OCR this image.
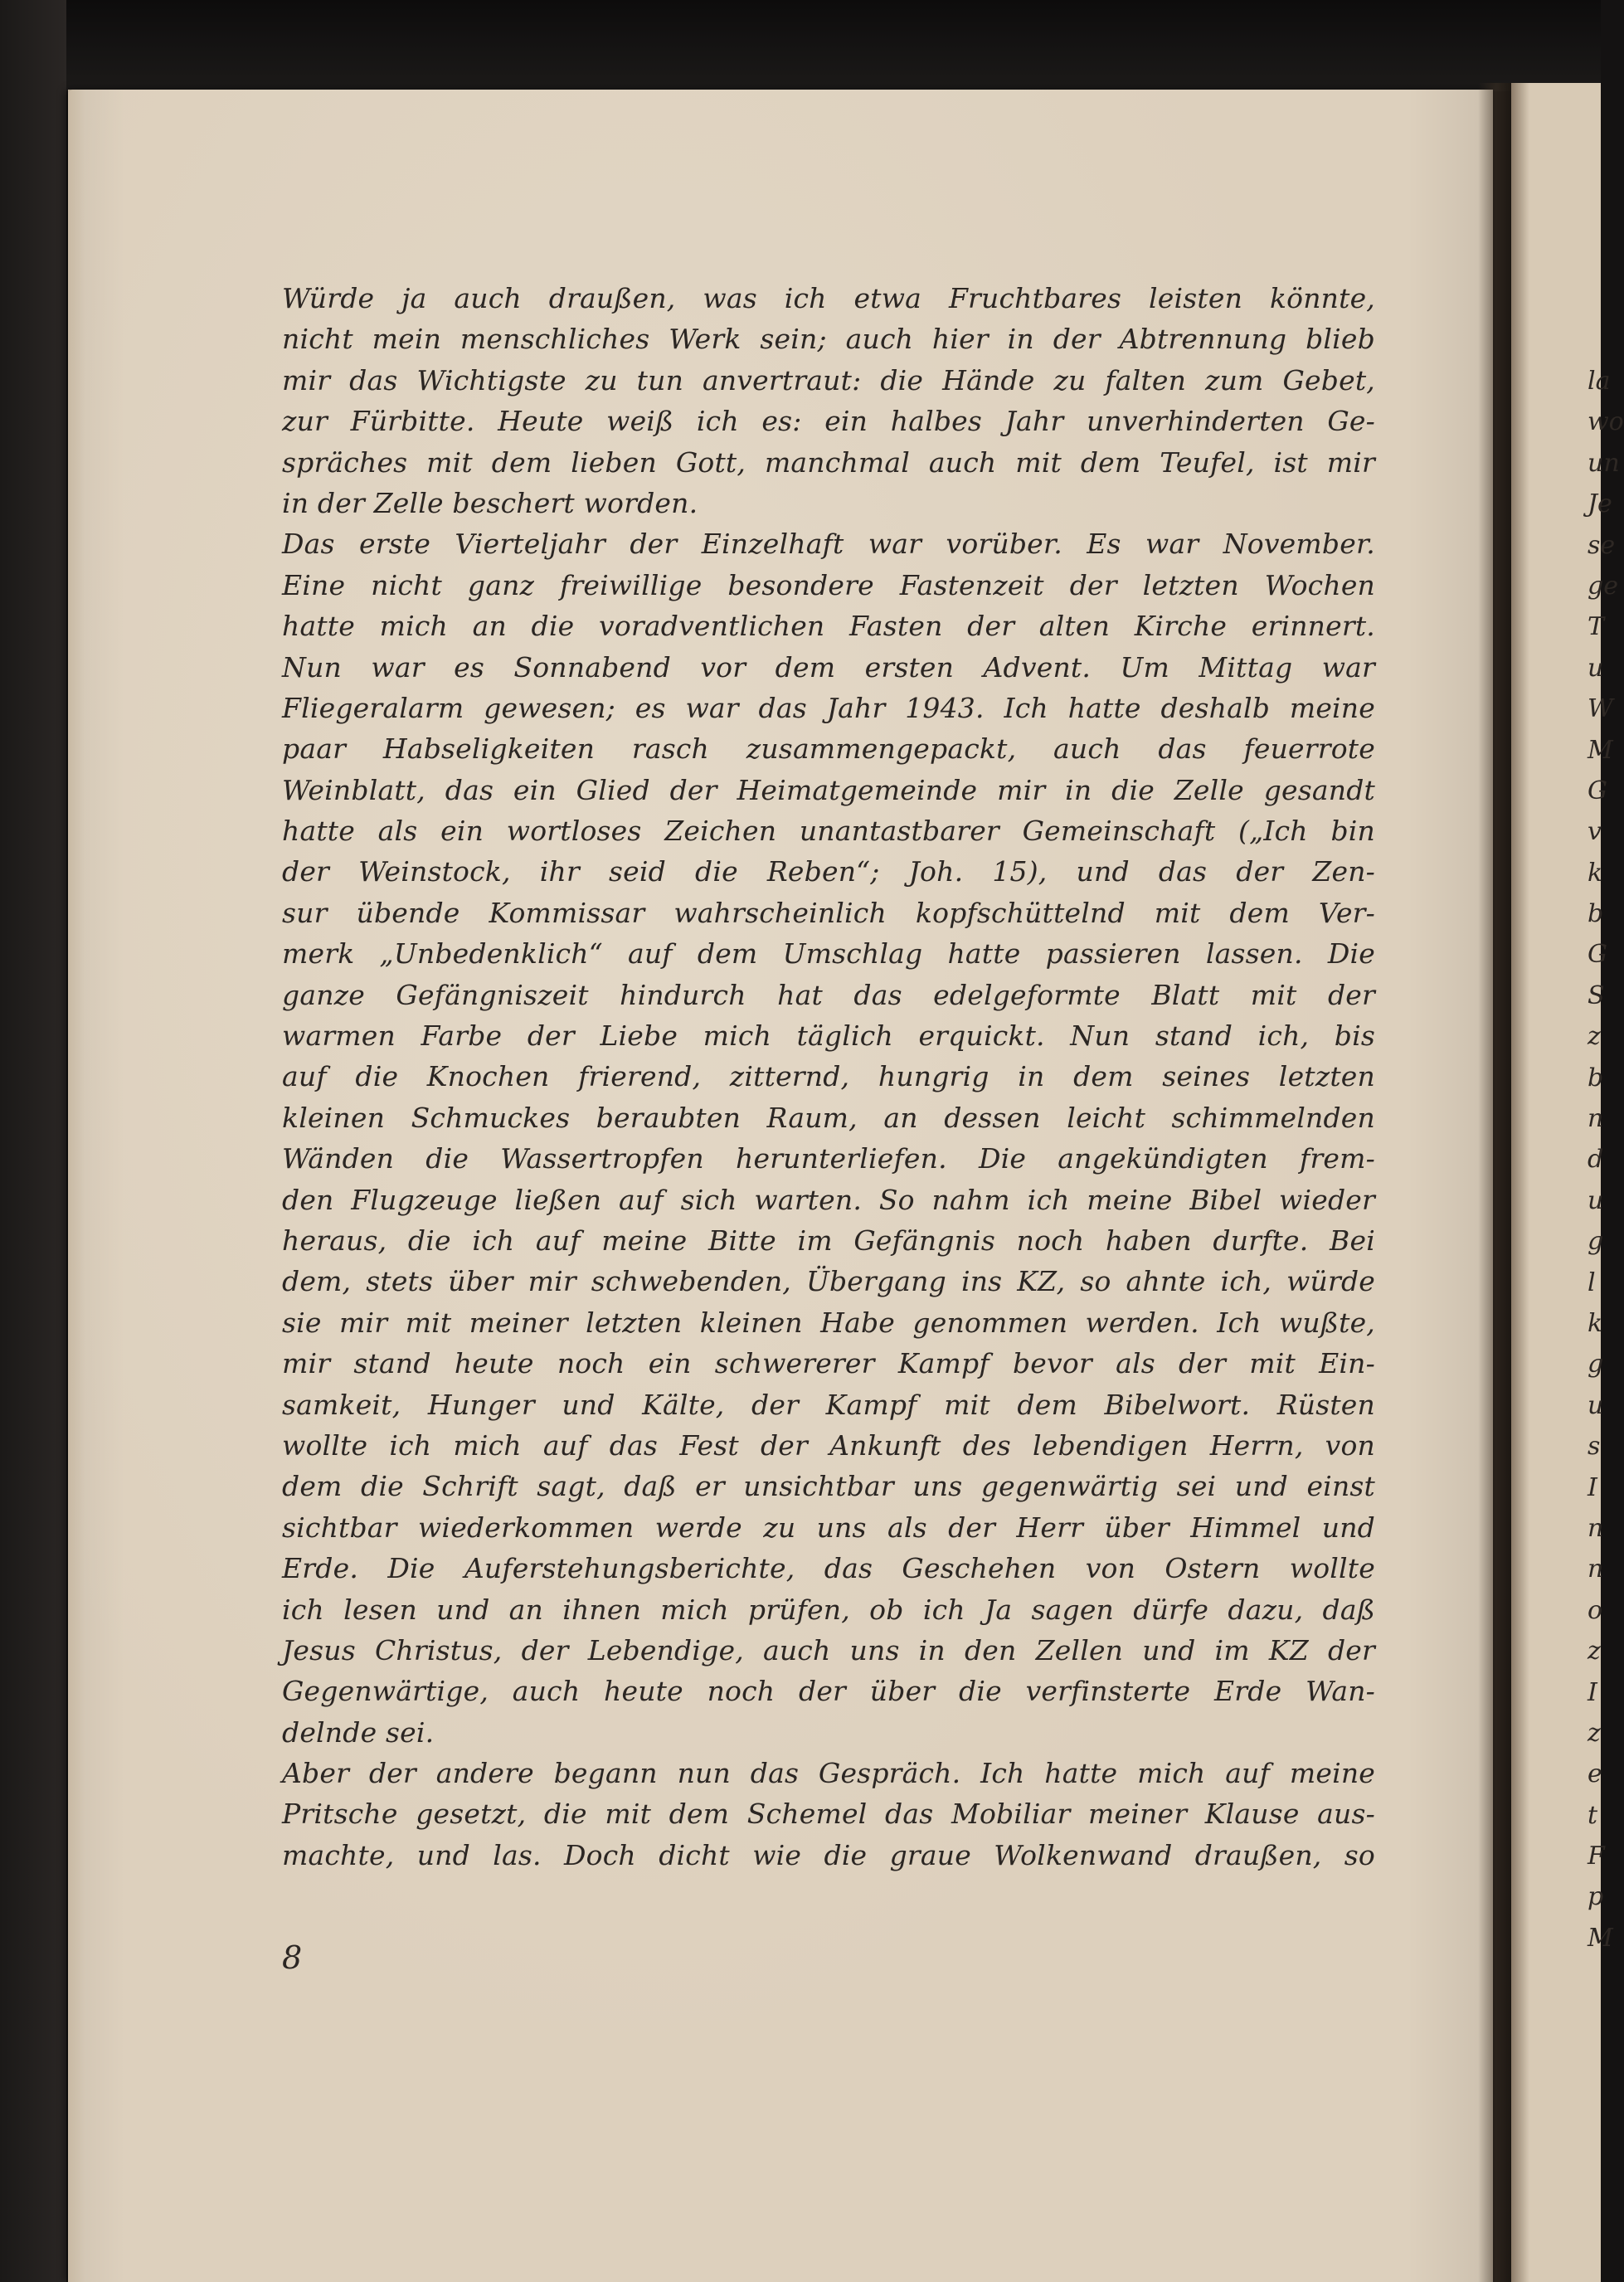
la
wo
un
Je
se
ge
T
u
W
M
G
v
k
b
G
S
z
b
n
d
u
g
l
k
g
u
s
I
n
n
o
z
I
z
e
t
F
p
M
Würde ja auch draußen, was ich etwa Fruchtbares leisten könnte,
nicht mein menschliches Werk sein; auch hier in der Abtrennung blieb
mir das Wichtigste zu tun anvertraut: die Hände zu falten zum Gebet,
zur Fürbitte. Heute weiß ich es: ein halbes Jahr unverhinderten Ge-
spräches mit dem lieben Gott, manchmal auch mit dem Teufel, ist mir
in der Zelle beschert worden.
Das erste Vierteljahr der Einzelhaft war vorüber. Es war November.
Eine nicht ganz freiwillige besondere Fastenzeit der letzten Wochen
hatte mich an die voradventlichen Fasten der alten Kirche erinnert.
Nun war es Sonnabend vor dem ersten Advent. Um Mittag war
Fliegeralarm gewesen; es war das Jahr 1943. Ich hatte deshalb meine
paar Habseligkeiten rasch zusammengepackt, auch das feuerrote
Weinblatt, das ein Glied der Heimatgemeinde mir in die Zelle gesandt
hatte als ein wortloses Zeichen unantastbarer Gemeinschaft („Ich bin
der Weinstock, ihr seid die Reben“; Joh. 15), und das der Zen-
sur übende Kommissar wahrscheinlich kopfschüttelnd mit dem Ver-
merk „Unbedenklich“ auf dem Umschlag hatte passieren lassen. Die
ganze Gefängniszeit hindurch hat das edelgeformte Blatt mit der
warmen Farbe der Liebe mich täglich erquickt. Nun stand ich, bis
auf die Knochen frierend, zitternd, hungrig in dem seines letzten
kleinen Schmuckes beraubten Raum, an dessen leicht schimmelnden
Wänden die Wassertropfen herunterliefen. Die angekündigten frem-
den Flugzeuge ließen auf sich warten. So nahm ich meine Bibel wieder
heraus, die ich auf meine Bitte im Gefängnis noch haben durfte. Bei
dem, stets über mir schwebenden, Übergang ins KZ, so ahnte ich, würde
sie mir mit meiner letzten kleinen Habe genommen werden. Ich wußte,
mir stand heute noch ein schwererer Kampf bevor als der mit Ein-
samkeit, Hunger und Kälte, der Kampf mit dem Bibelwort. Rüsten
wollte ich mich auf das Fest der Ankunft des lebendigen Herrn, von
dem die Schrift sagt, daß er unsichtbar uns gegenwärtig sei und einst
sichtbar wiederkommen werde zu uns als der Herr über Himmel und
Erde. Die Auferstehungsberichte, das Geschehen von Ostern wollte
ich lesen und an ihnen mich prüfen, ob ich Ja sagen dürfe dazu, daß
Jesus Christus, der Lebendige, auch uns in den Zellen und im KZ der
Gegenwärtige, auch heute noch der über die verfinsterte Erde Wan-
delnde sei.
Aber der andere begann nun das Gespräch. Ich hatte mich auf meine
Pritsche gesetzt, die mit dem Schemel das Mobiliar meiner Klause aus-
machte, und las. Doch dicht wie die graue Wolkenwand draußen, so
8
